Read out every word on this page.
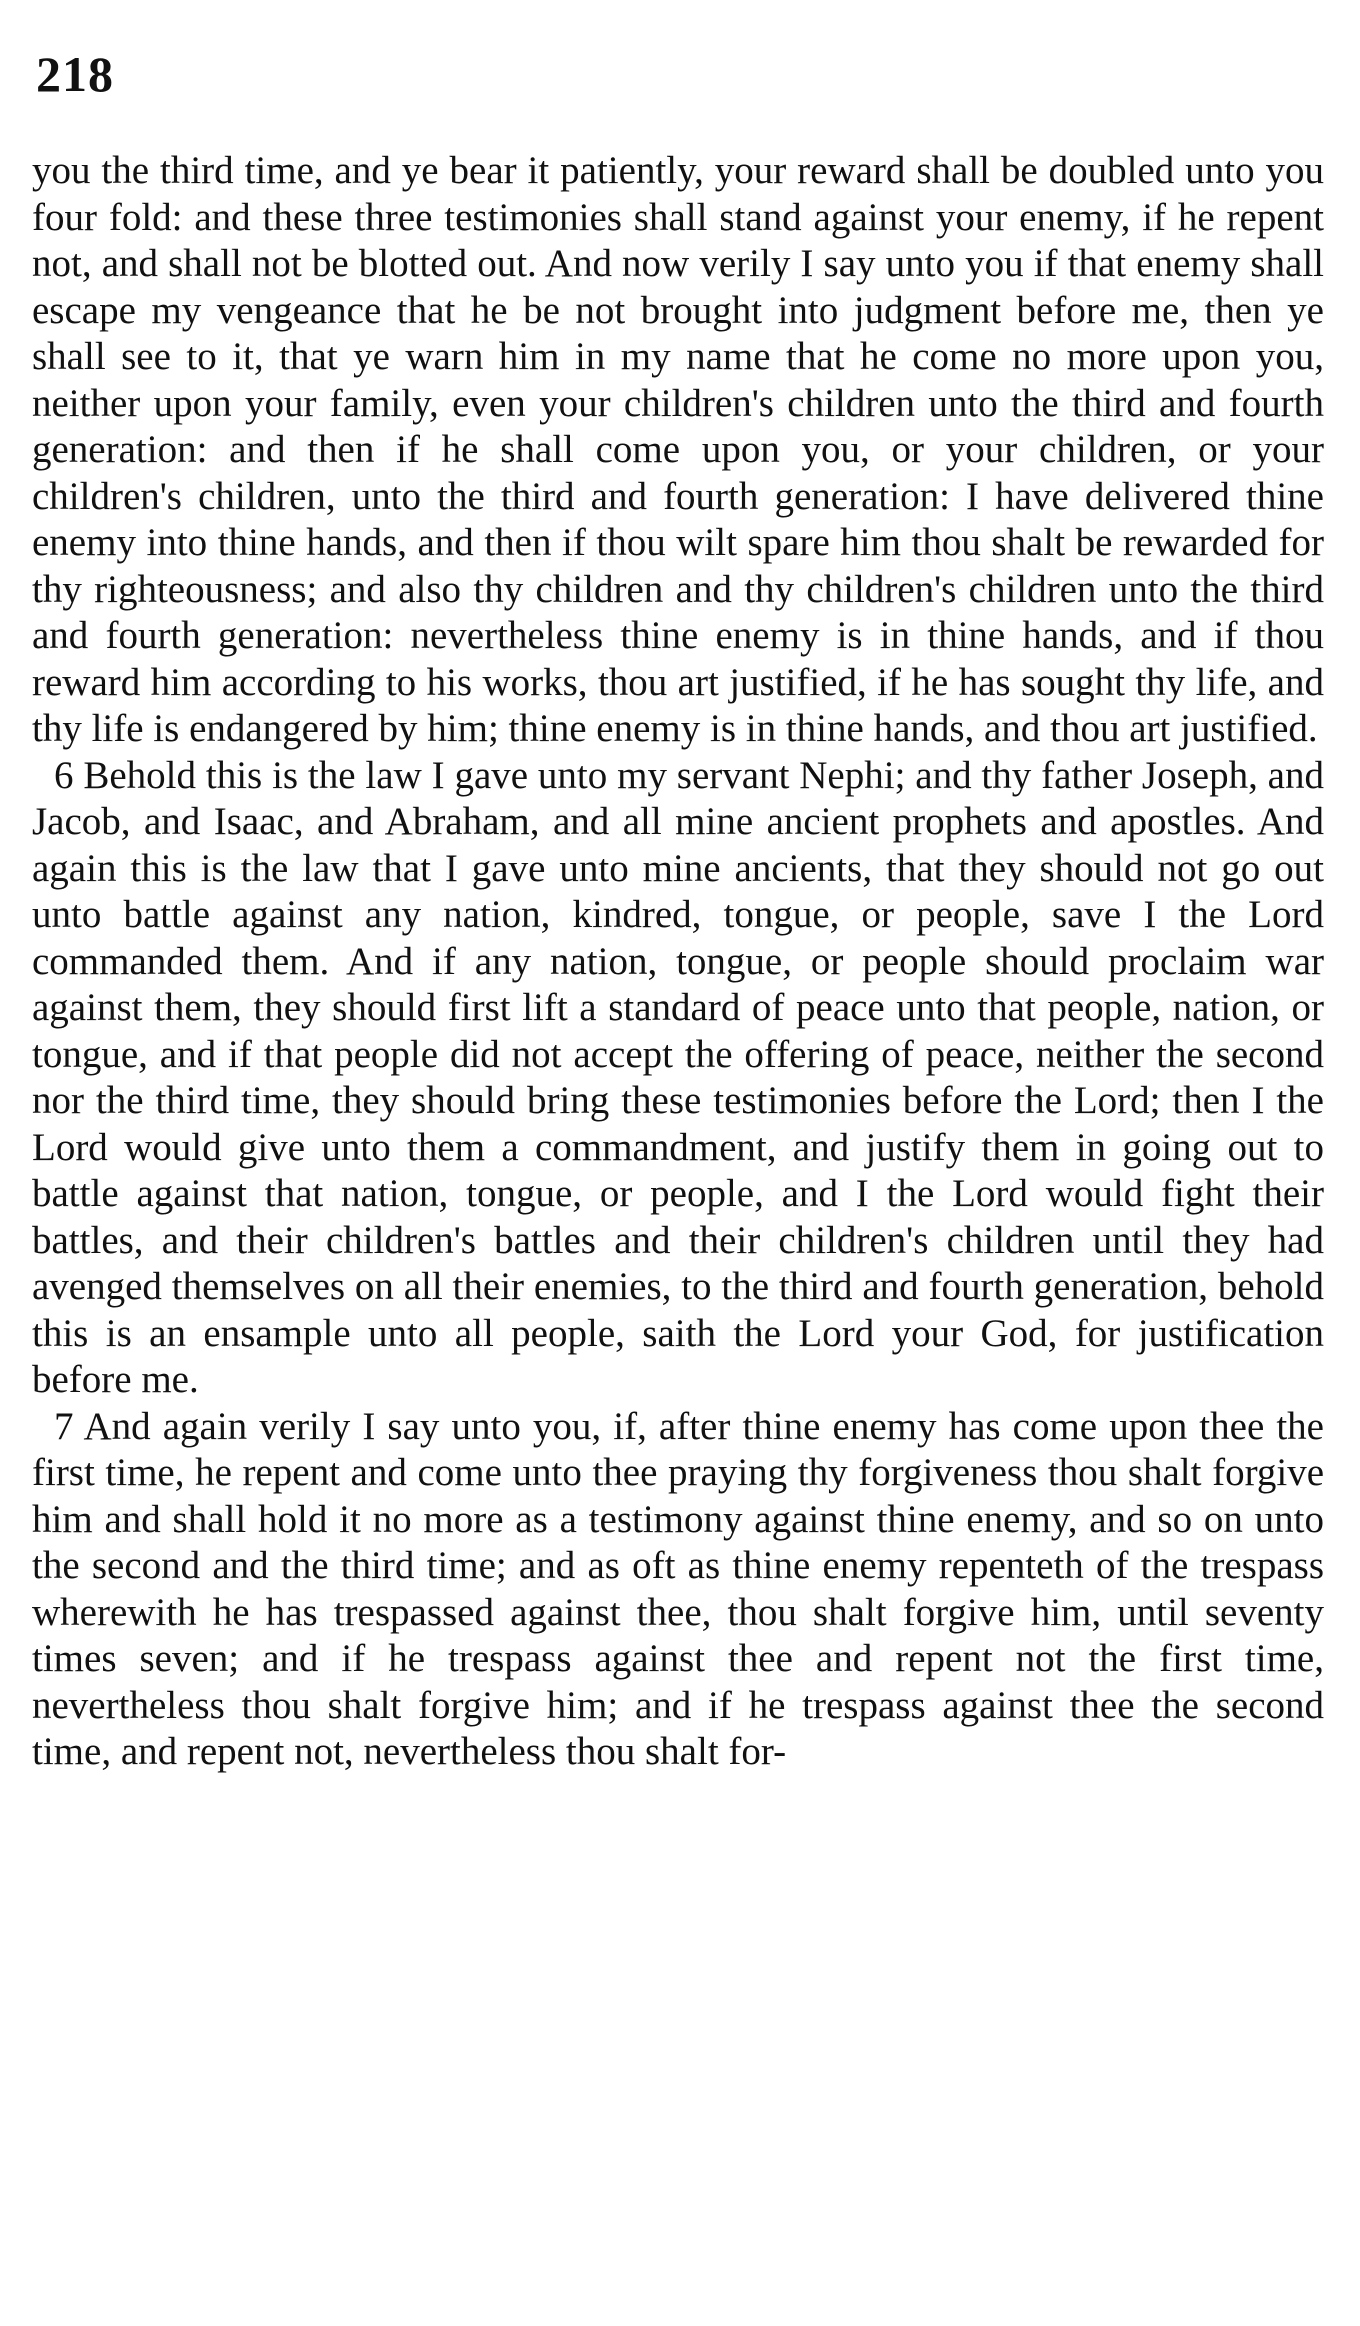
218

you the third time, and ye bear it patiently, your reward shall be doubled unto you four fold: and these three testimonies shall stand against your enemy, if he repent not, and shall not be blotted out. And now verily I say unto you if that enemy shall escape my vengeance that he be not brought into judgment before me, then ye shall see to it, that ye warn him in my name that he come no more upon you, neither upon your family, even your children's children unto the third and fourth generation: and then if he shall come upon you, or your children, or your children's children, unto the third and fourth generation: I have delivered thine enemy into thine hands, and then if thou wilt spare him thou shalt be rewarded for thy righteousness; and also thy children and thy children's children unto the third and fourth generation: nevertheless thine enemy is in thine hands, and if thou reward him according to his works, thou art justified, if he has sought thy life, and thy life is endangered by him; thine enemy is in thine hands, and thou art justified.

6 Behold this is the law I gave unto my servant Nephi; and thy father Joseph, and Jacob, and Isaac, and Abraham, and all mine ancient prophets and apostles. And again this is the law that I gave unto mine ancients, that they should not go out unto battle against any nation, kindred, tongue, or people, save I the Lord commanded them. And if any nation, tongue, or people should proclaim war against them, they should first lift a standard of peace unto that people, nation, or tongue, and if that people did not accept the offering of peace, neither the second nor the third time, they should bring these testimonies before the Lord; then I the Lord would give unto them a commandment, and justify them in going out to battle against that nation, tongue, or people, and I the Lord would fight their battles, and their children's battles and their children's children until they had avenged themselves on all their enemies, to the third and fourth generation, behold this is an ensample unto all people, saith the Lord your God, for justification before me.

7 And again verily I say unto you, if, after thine enemy has come upon thee the first time, he repent and come unto thee praying thy forgiveness thou shalt forgive him and shall hold it no more as a testimony against thine enemy, and so on unto the second and the third time; and as oft as thine enemy repenteth of the trespass wherewith he has trespassed against thee, thou shalt forgive him, until seventy times seven; and if he trespass against thee and repent not the first time, nevertheless thou shalt forgive him; and if he trespass against thee the second time, and repent not, nevertheless thou shalt for-
